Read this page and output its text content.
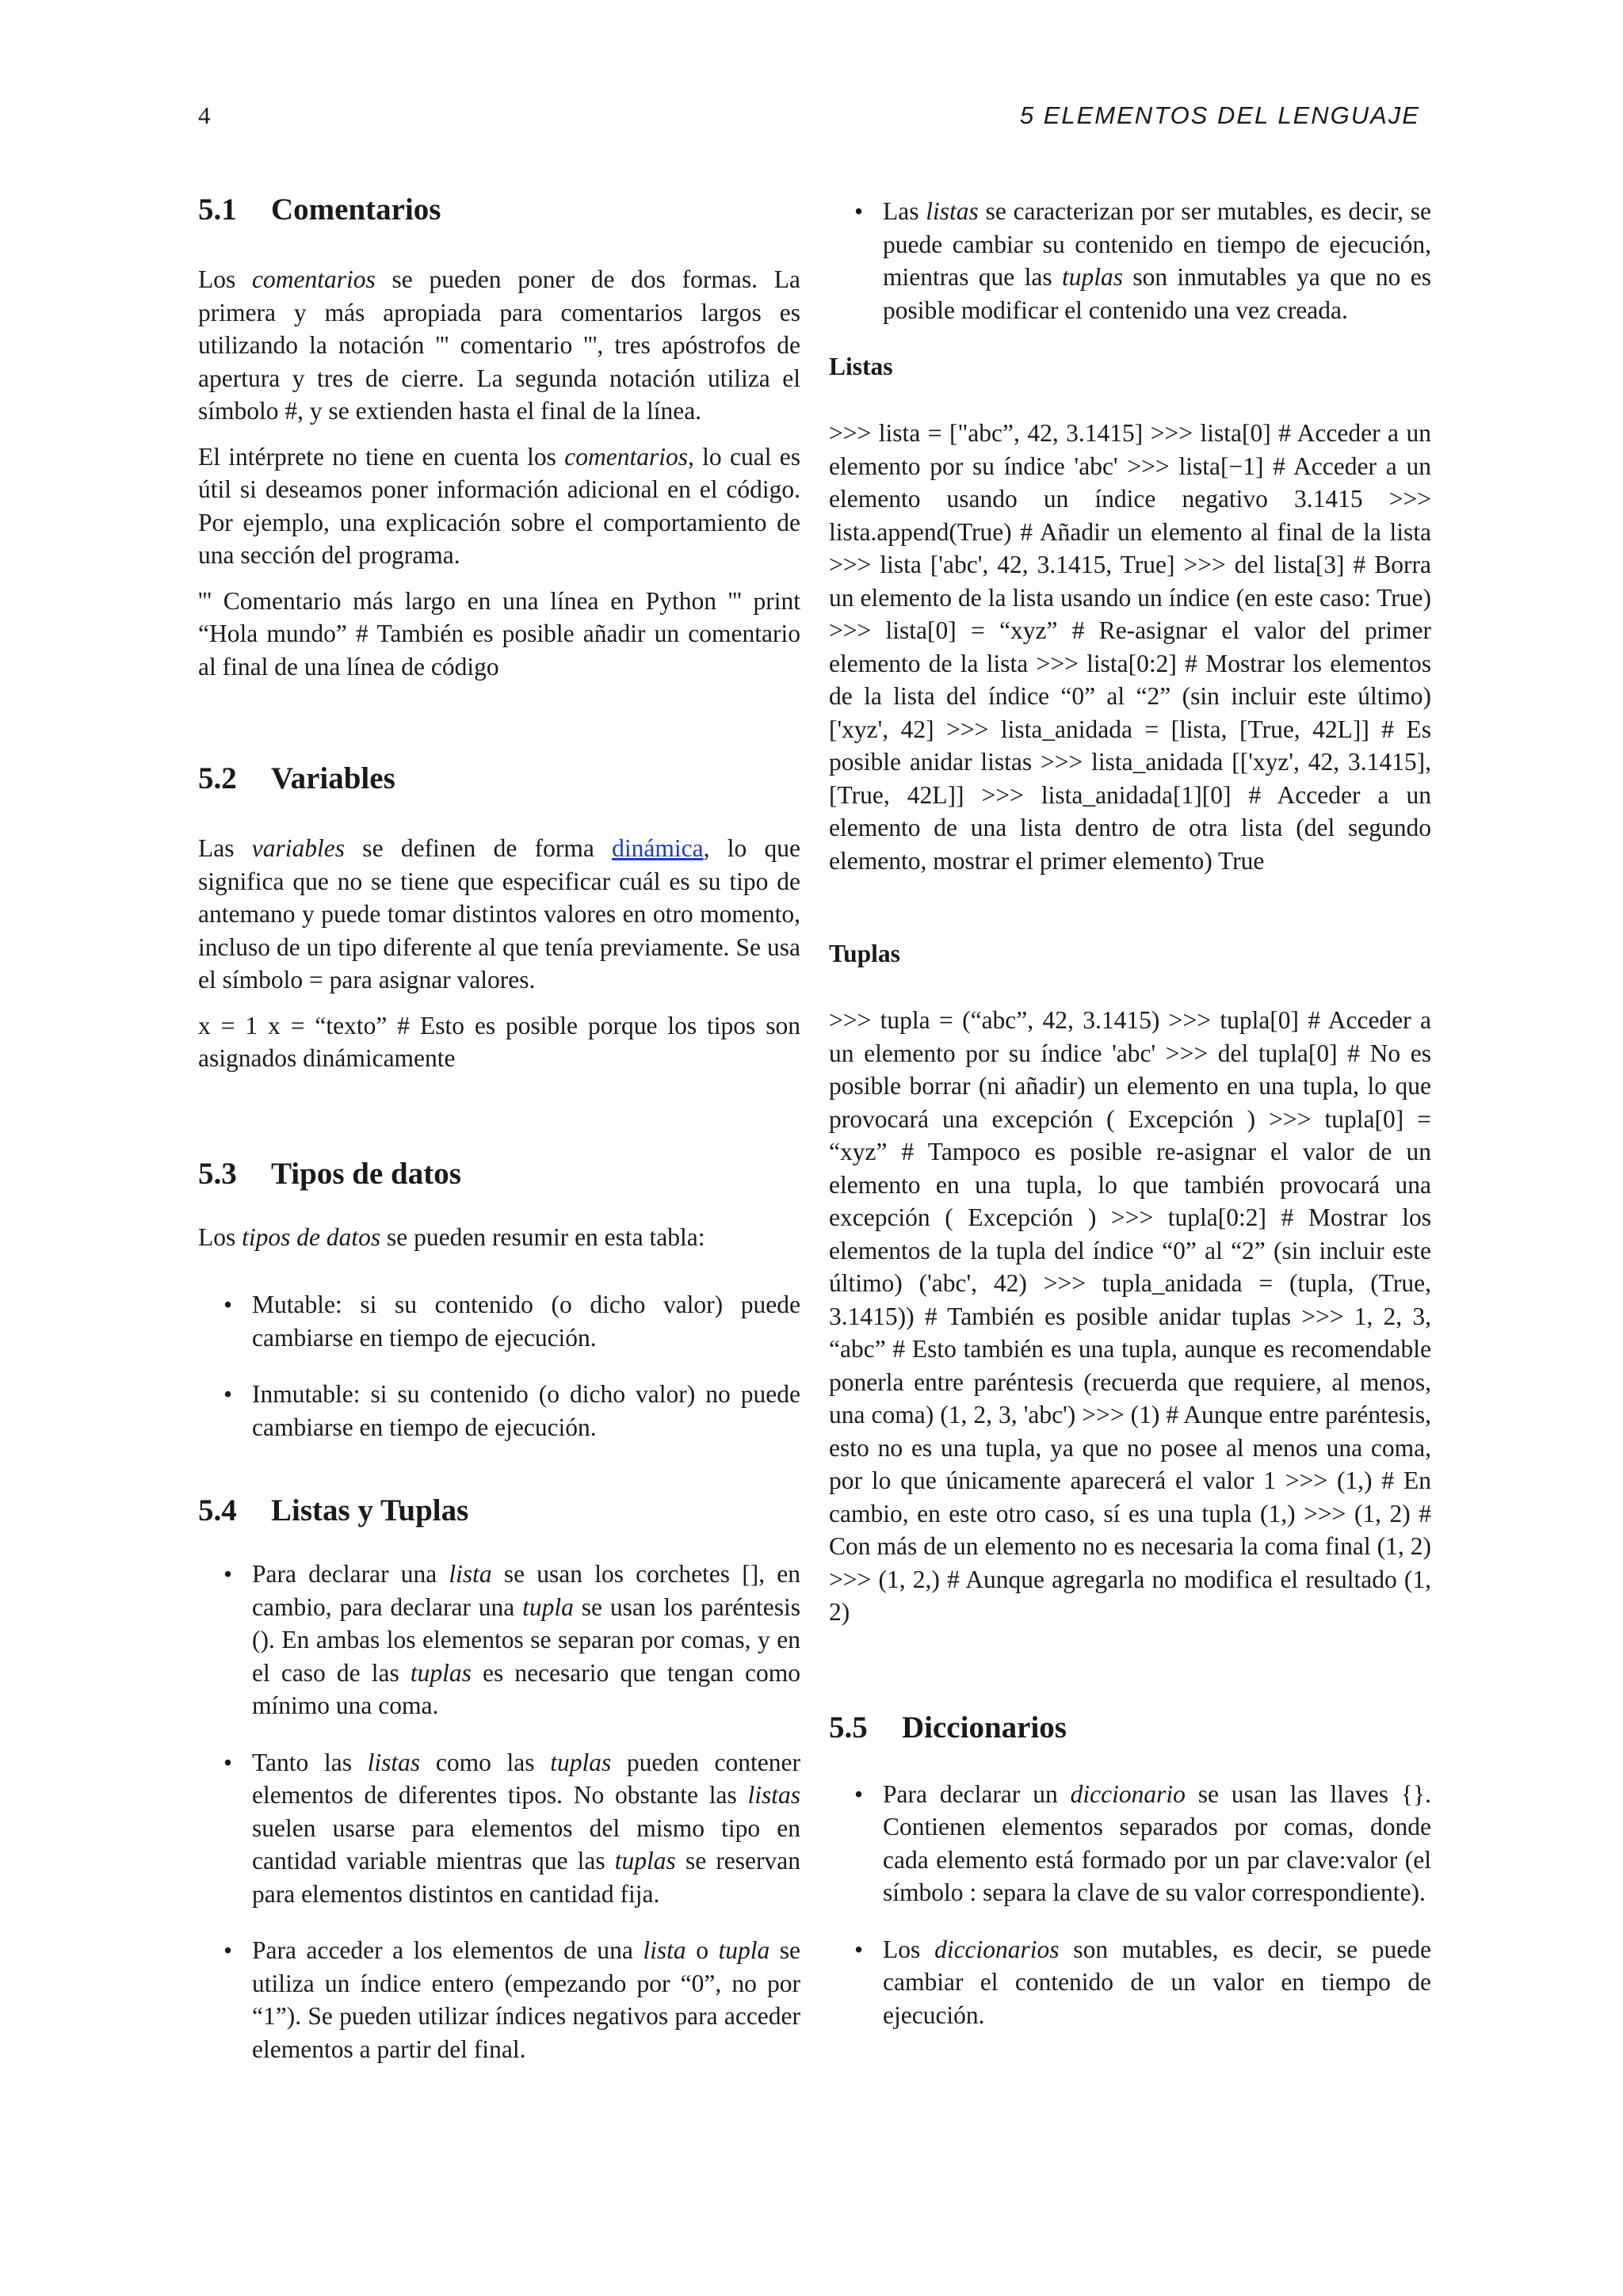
4	5 ELEMENTOS DEL LENGUAJE
5.1 Comentarios

Los comentarios se pueden poner de dos formas. La primera y más apropiada para comentarios largos es utilizando la notación ''' comentario ''', tres apóstrofos de apertura y tres de cierre. La segunda notación utiliza el símbolo #, y se extienden hasta el final de la línea.

El intérprete no tiene en cuenta los comentarios, lo cual es útil si deseamos poner información adicional en el código. Por ejemplo, una explicación sobre el comportamiento de una sección del programa.

''' Comentario más largo en una línea en Python ''' print “Hola mundo” # También es posible añadir un comentario al final de una línea de código

5.2 Variables

Las variables se definen de forma dinámica, lo que significa que no se tiene que especificar cuál es su tipo de antemano y puede tomar distintos valores en otro momento, incluso de un tipo diferente al que tenía previamente. Se usa el símbolo = para asignar valores.

x = 1 x = “texto” # Esto es posible porque los tipos son asignados dinámicamente

5.3 Tipos de datos

Los tipos de datos se pueden resumir en esta tabla:

• Mutable: si su contenido (o dicho valor) puede cambiarse en tiempo de ejecución.
• Inmutable: si su contenido (o dicho valor) no puede cambiarse en tiempo de ejecución.
5.4 Listas y Tuplas
• Para declarar una lista se usan los corchetes [], en cambio, para declarar una tupla se usan los paréntesis (). En ambas los elementos se separan por comas, y en el caso de las tuplas es necesario que tengan como mínimo una coma.
• Tanto las listas como las tuplas pueden contener elementos de diferentes tipos. No obstante las listas suelen usarse para elementos del mismo tipo en cantidad variable mientras que las tuplas se reservan para elementos distintos en cantidad fija.
• Para acceder a los elementos de una lista o tupla se utiliza un índice entero (empezando por “0”, no por “1”). Se pueden utilizar índices negativos para acceder elementos a partir del final.
• Las listas se caracterizan por ser mutables, es decir, se puede cambiar su contenido en tiempo de ejecución, mientras que las tuplas son inmutables ya que no es posible modificar el contenido una vez creada.
Listas

>>> lista = ["abc”, 42, 3.1415] >>> lista[0] # Acceder a un elemento por su índice 'abc' >>> lista[−1] # Acceder a un elemento usando un índice negativo 3.1415 >>> lista.append(True) # Añadir un elemento al final de la lista >>> lista ['abc', 42, 3.1415, True] >>> del lista[3] # Borra un elemento de la lista usando un índice (en este caso: True) >>> lista[0] = “xyz” # Re-asignar el valor del primer elemento de la lista >>> lista[0:2] # Mostrar los elementos de la lista del índice “0” al “2” (sin incluir este último) ['xyz', 42] >>> lista_anidada = [lista, [True, 42L]] # Es posible anidar listas >>> lista_anidada [['xyz', 42, 3.1415], [True, 42L]] >>> lista_anidada[1][0] # Acceder a un elemento de una lista dentro de otra lista (del segundo elemento, mostrar el primer elemento) True

Tuplas

>>> tupla = (“abc”, 42, 3.1415) >>> tupla[0] # Acceder a un elemento por su índice 'abc' >>> del tupla[0] # No es posible borrar (ni añadir) un elemento en una tupla, lo que provocará una excepción ( Excepción ) >>> tupla[0] = “xyz” # Tampoco es posible re-asignar el valor de un elemento en una tupla, lo que también provocará una excepción ( Excepción ) >>> tupla[0:2] # Mostrar los elementos de la tupla del índice “0” al “2” (sin incluir este último) ('abc', 42) >>> tupla_anidada = (tupla, (True, 3.1415)) # También es posible anidar tuplas >>> 1, 2, 3, “abc” # Esto también es una tupla, aunque es recomendable ponerla entre paréntesis (recuerda que requiere, al menos, una coma) (1, 2, 3, 'abc') >>> (1) # Aunque entre paréntesis, esto no es una tupla, ya que no posee al menos una coma, por lo que únicamente aparecerá el valor 1 >>> (1,) # En cambio, en este otro caso, sí es una tupla (1,) >>> (1, 2) # Con más de un elemento no es necesaria la coma final (1, 2) >>> (1, 2,) # Aunque agregarla no modifica el resultado (1, 2)

5.5 Diccionarios
• Para declarar un diccionario se usan las llaves {}. Contienen elementos separados por comas, donde cada elemento está formado por un par clave:valor (el símbolo : separa la clave de su valor correspondiente).
• Los diccionarios son mutables, es decir, se puede cambiar el contenido de un valor en tiempo de ejecución.
